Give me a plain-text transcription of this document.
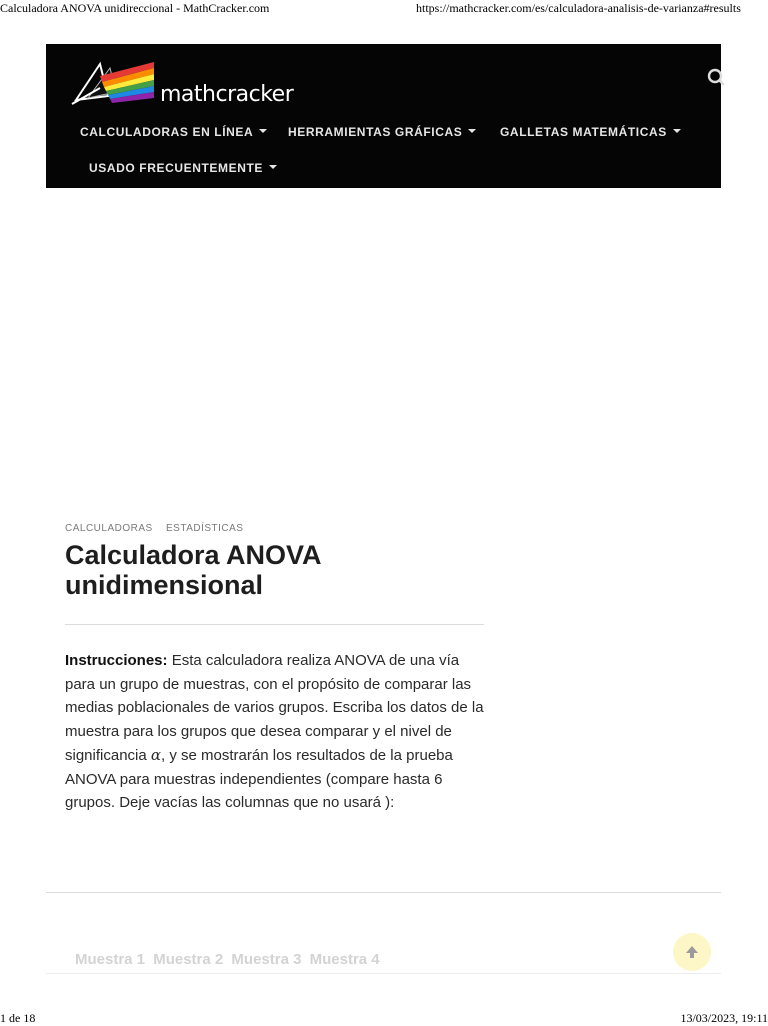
Calculadora ANOVA unidireccional - MathCracker.com	https://mathcracker.com/es/calculadora-analisis-de-varianza#results
mathcracker
CALCULADORAS EN LÍNEA	HERRAMIENTAS GRÁFICAS	GALLETAS MATEMÁTICAS
USADO FRECUENTEMENTE
CALCULADORAS ESTADÍSTICAS
Calculadora ANOVA unidimensional

Instrucciones: Esta calculadora realiza ANOVA de una vía para un grupo de muestras, con el propósito de comparar las medias poblacionales de varios grupos. Escriba los datos de la muestra para los grupos que desea comparar y el nivel de significancia α, y se mostrarán los resultados de la prueba ANOVA para muestras independientes (compare hasta 6 grupos. Deje vacías las columnas que no usará ):

Muestra 1 Muestra 2 Muestra 3 Muestra 4
1 de 18	13/03/2023, 19:11
